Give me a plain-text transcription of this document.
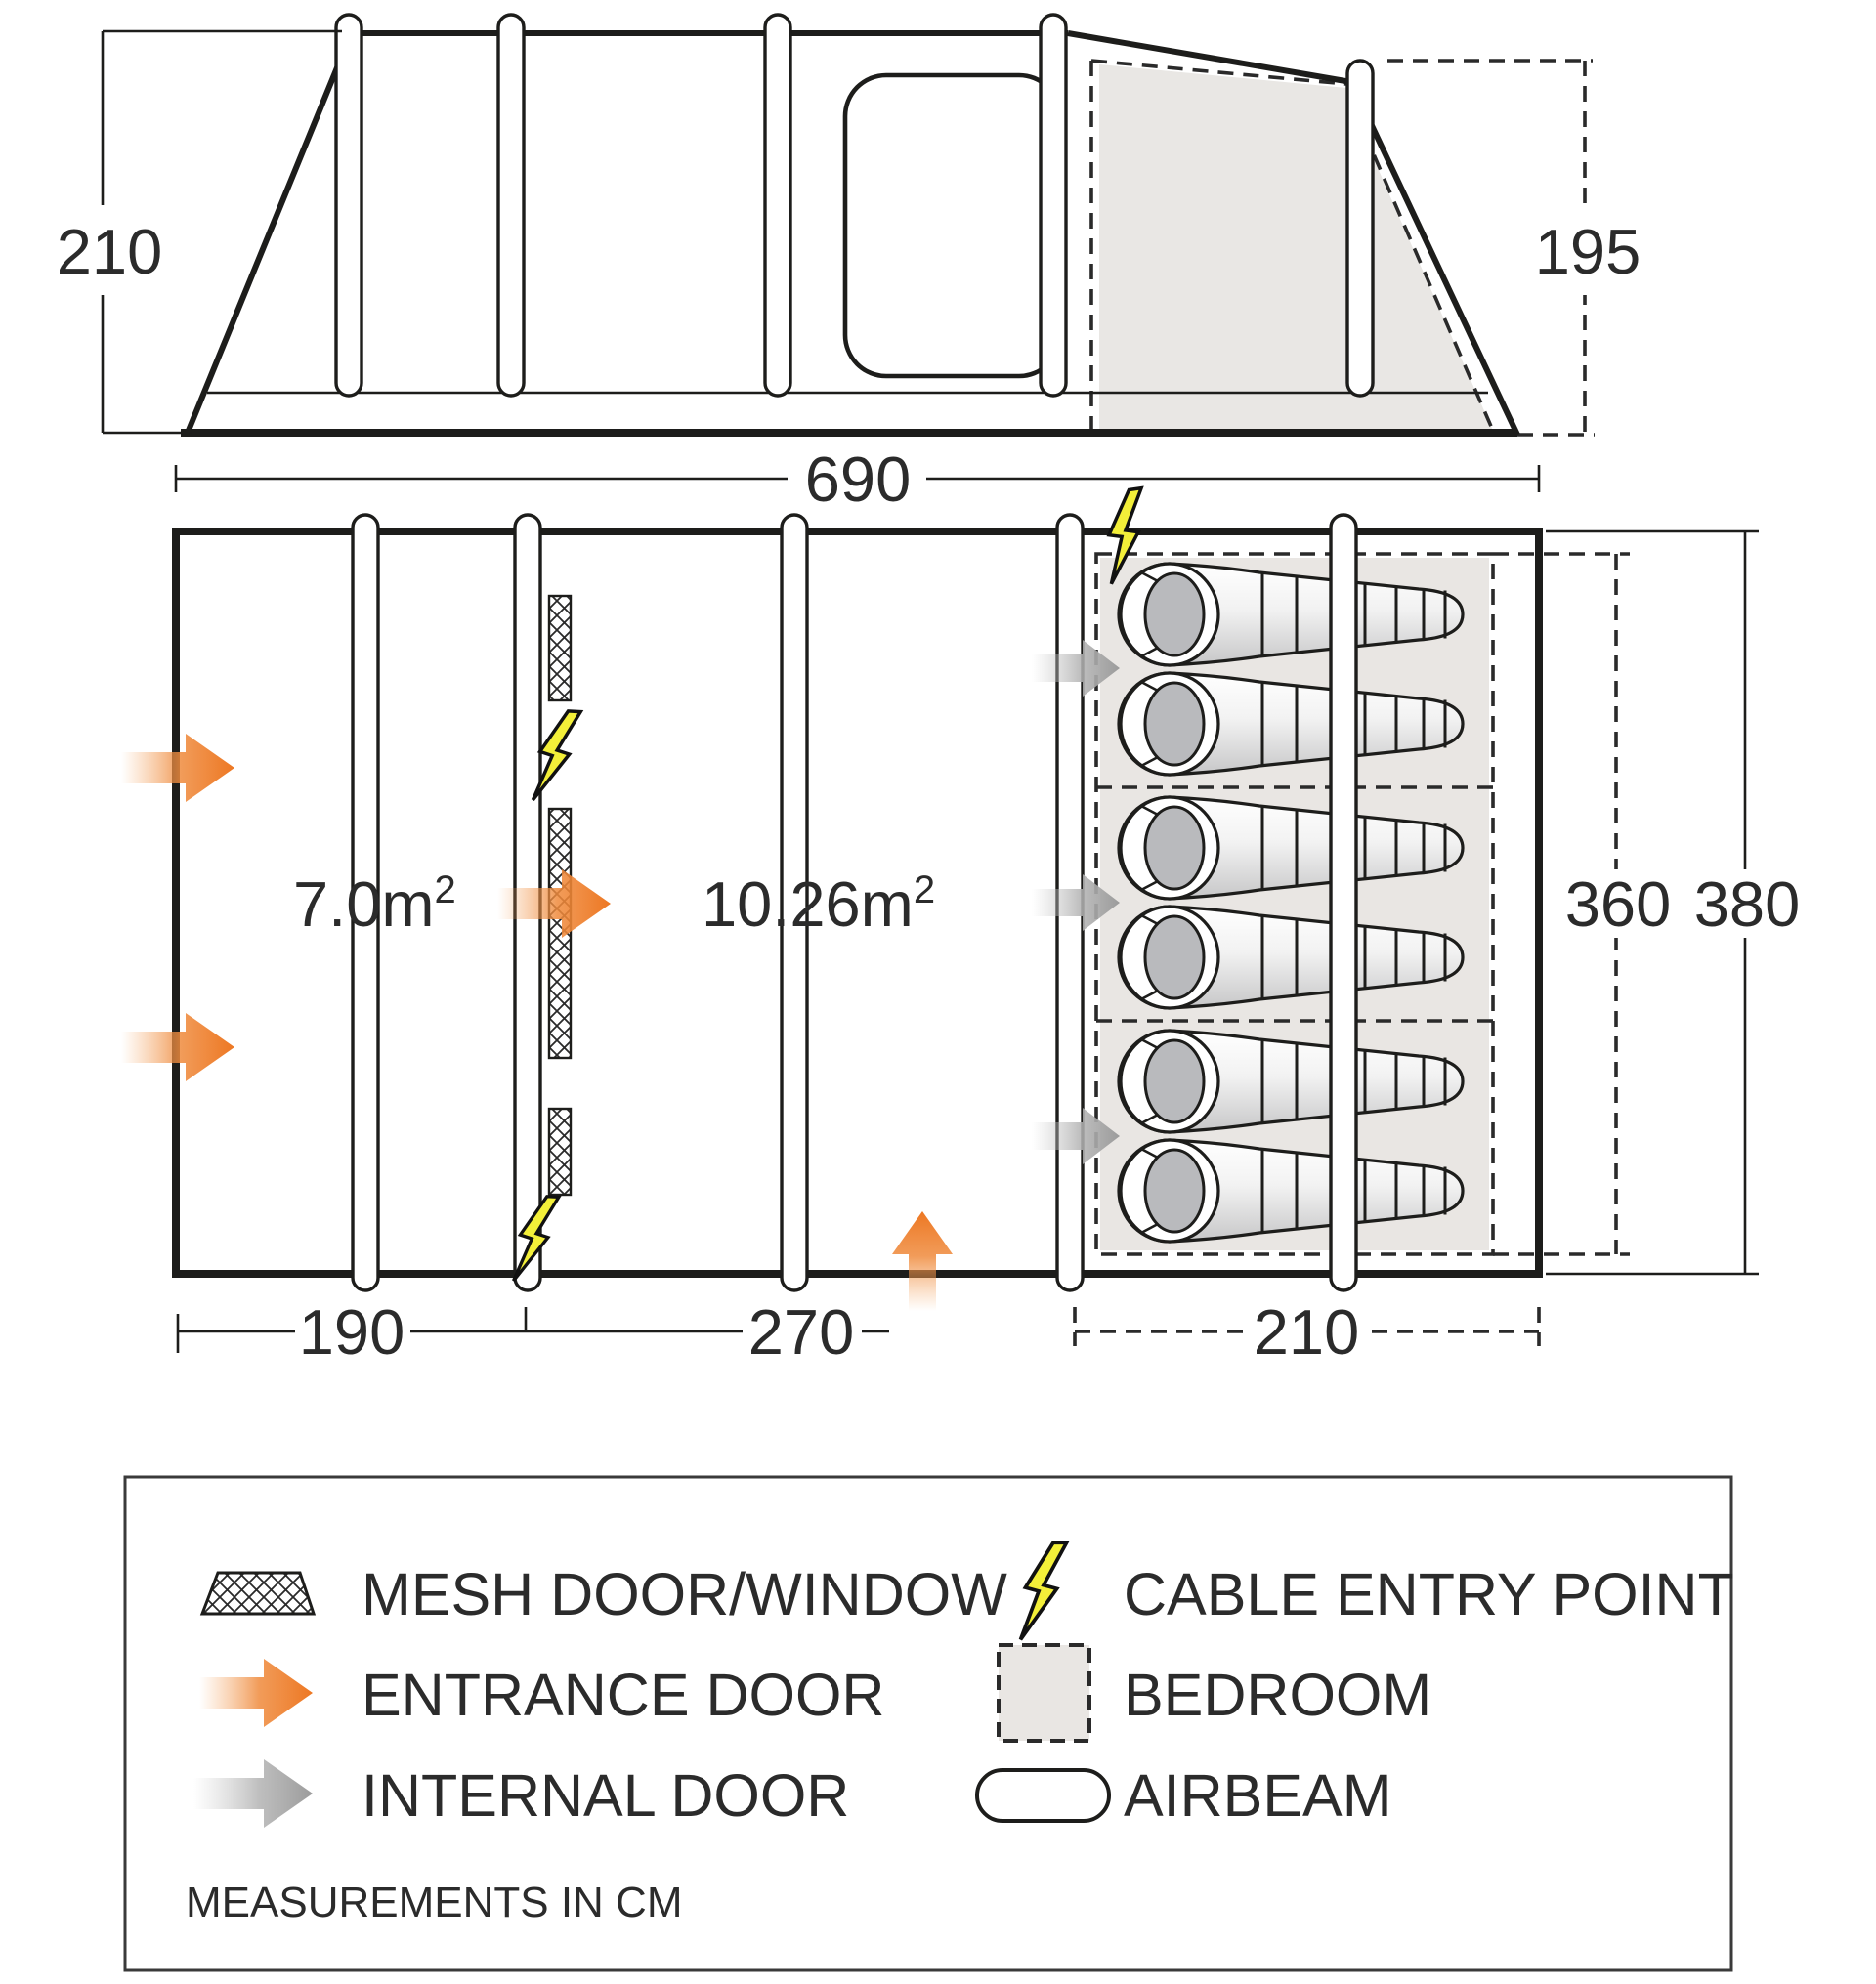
195
210
690
360 380
$7.0m^2$	$10.26m^2$
190	270	210
MESH DOOR/WINDOW CABLE ENTRY POINT
ENTRANCE DOOR	BEDROOM
INTERNAL DOOR	AIRBEAM
MEASUREMENTS IN CM
